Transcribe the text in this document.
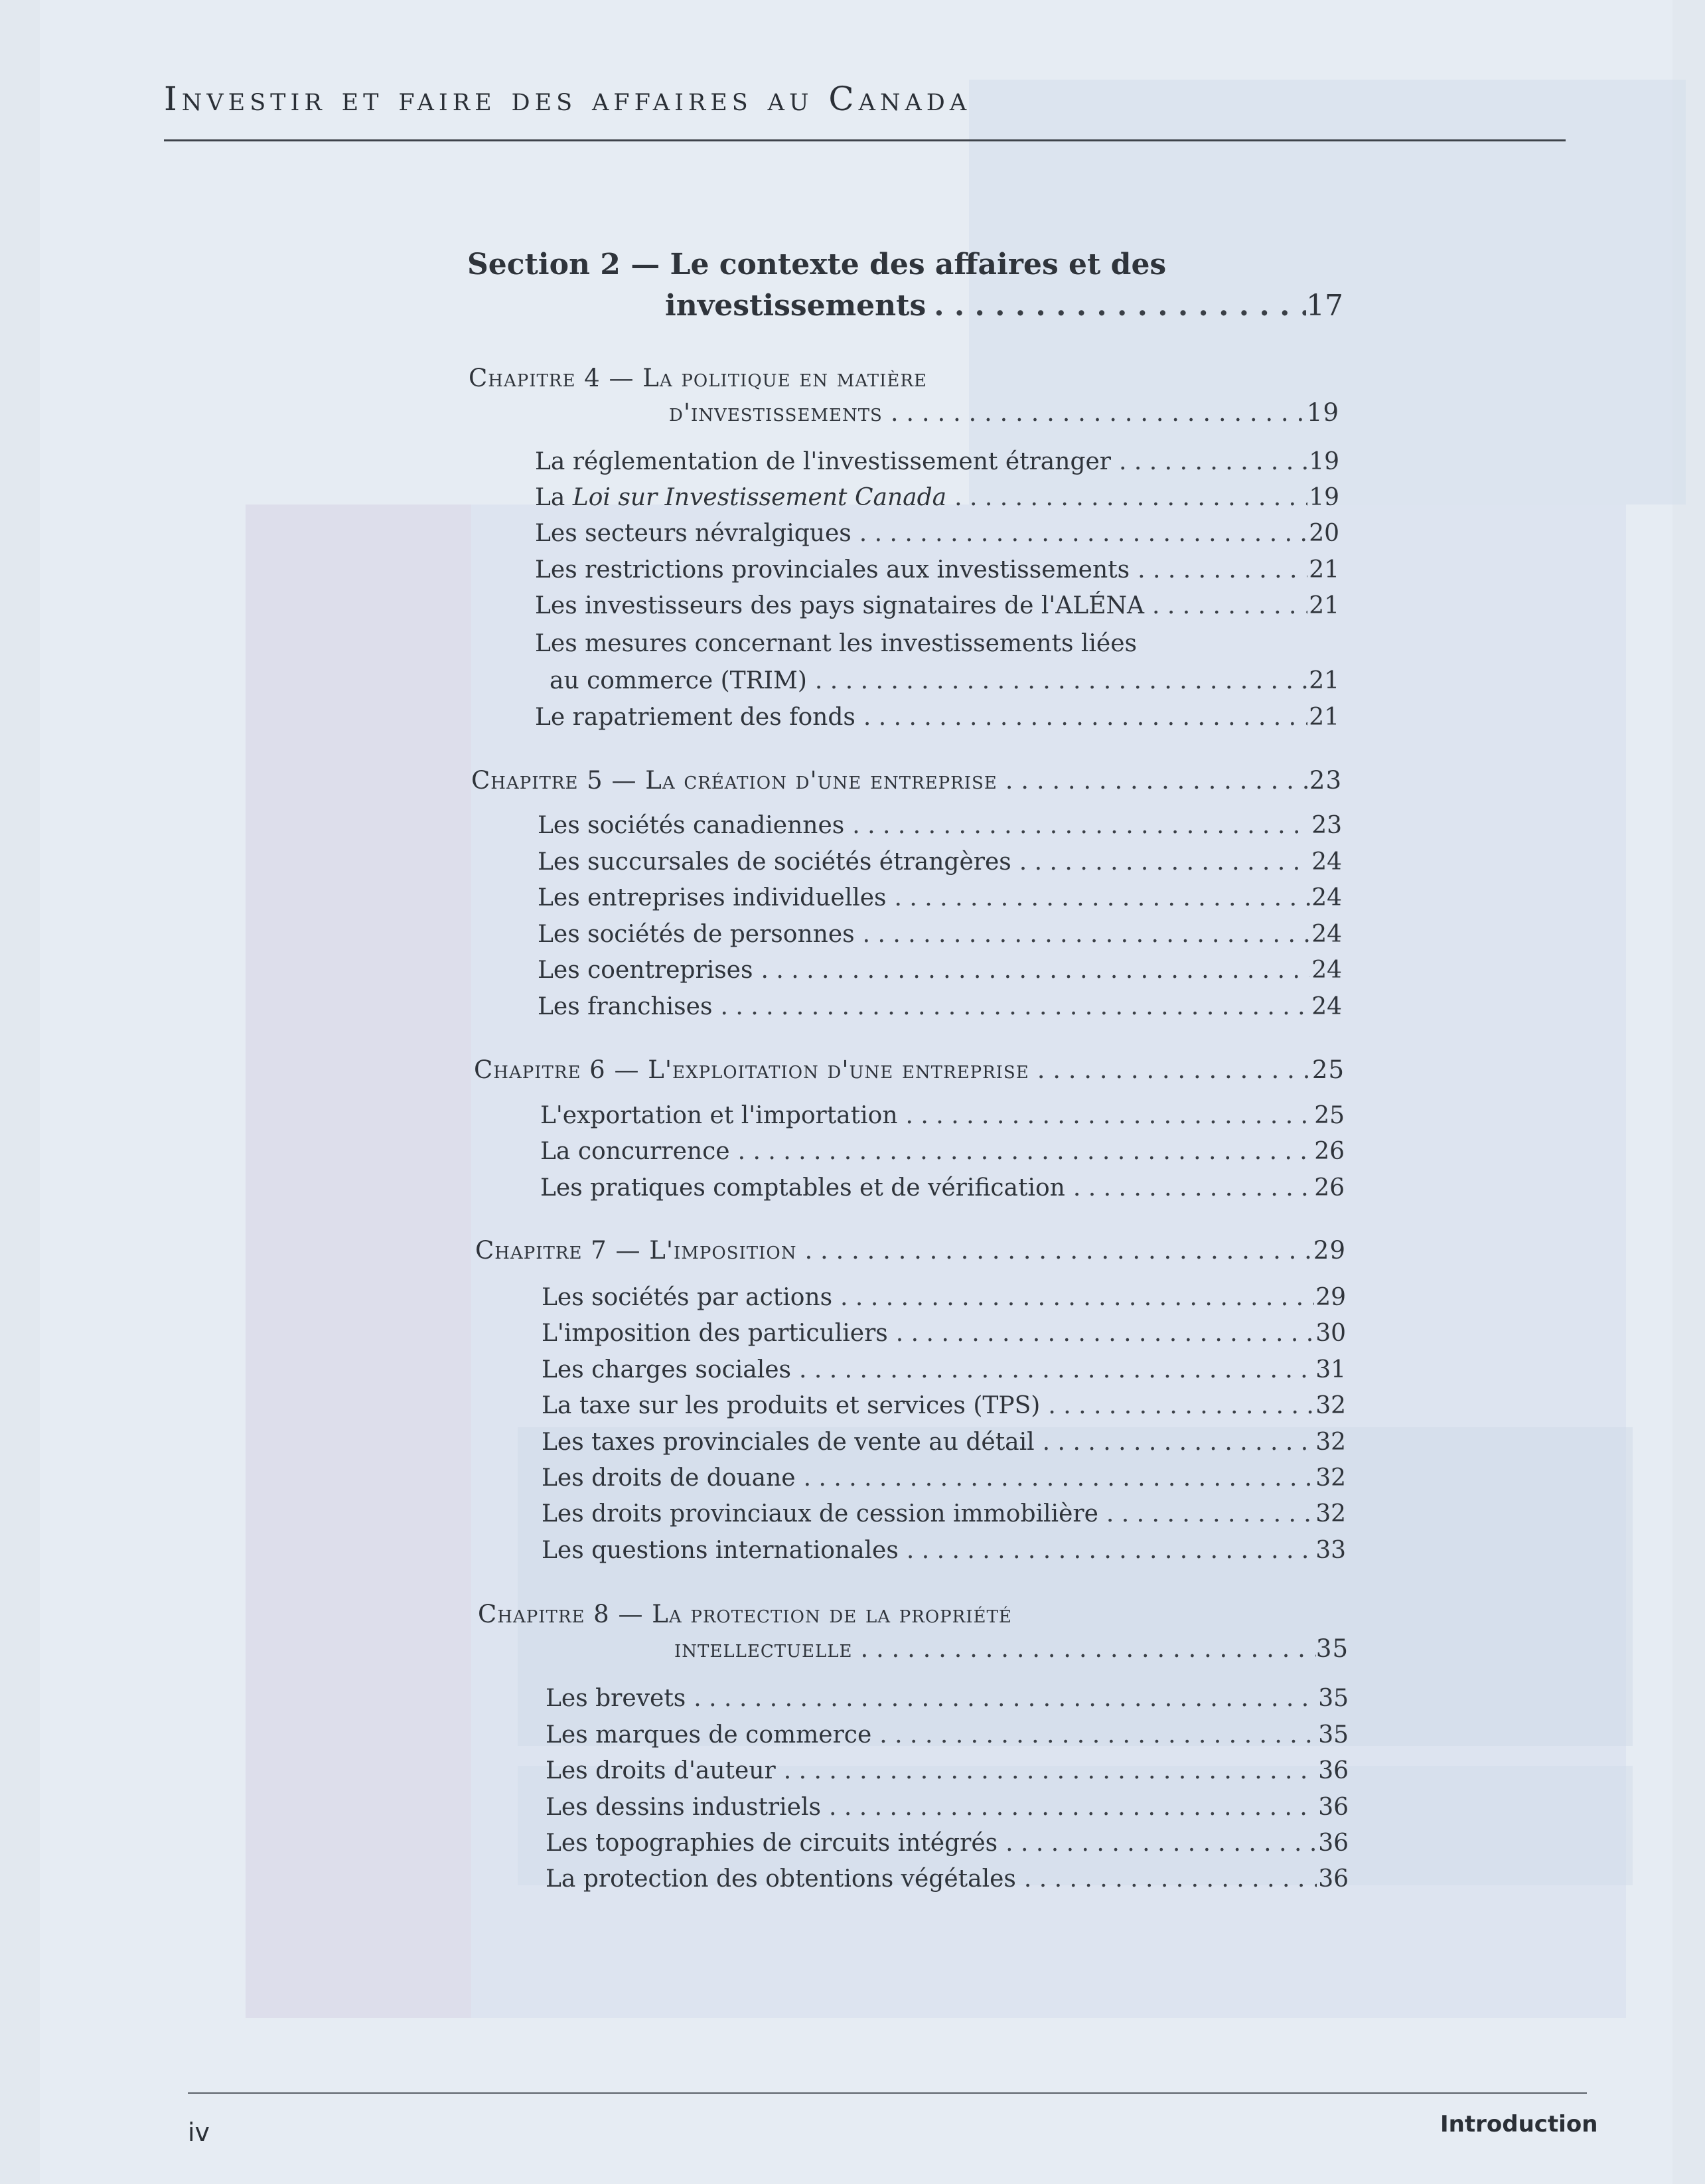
Investir et faire des affaires au Canada
Section 2 — Le contexte des affaires et des
investissements . . .	17
Chapitre 4 — La politique en matière
d'investissements . . .	19
La réglementation de l'investissement étranger . . .	19
La Loi sur Investissement Canada . . .	19
Les secteurs névralgiques . . .	20
Les restrictions provinciales aux investissements . . .	21
Les investisseurs des pays signataires de l'ALÉNA . . .	21
Les mesures concernant les investissements liées
au commerce (TRIM) . . .	21
Le rapatriement des fonds . . .	21
Chapitre 5 — La création d'une entreprise . . .	23
Les sociétés canadiennes . . .	23
Les succursales de sociétés étrangères . . .	24
Les entreprises individuelles . . .	24
Les sociétés de personnes . . .	24
Les coentreprises . . .	24
Les franchises . . .	24
Chapitre 6 — L'exploitation d'une entreprise . . .	25
L'exportation et l'importation . . .	25
La concurrence . . .	26
Les pratiques comptables et de vérification . . .	26
Chapitre 7 — L'imposition . . .	29
Les sociétés par actions . . .	29
L'imposition des particuliers . . .	30
Les charges sociales . . .	31
La taxe sur les produits et services (TPS) . . .	32
Les taxes provinciales de vente au détail . . .	32
Les droits de douane . . .	32
Les droits provinciaux de cession immobilière . . .	32
Les questions internationales . . .	33
Chapitre 8 — La protection de la propriété
intellectuelle . . .	35
Les brevets . . .	35
Les marques de commerce . . .	35
Les droits d'auteur . . .	36
Les dessins industriels . . .	36
Les topographies de circuits intégrés . . .	36
La protection des obtentions végétales . . .	36
iv	Introduction
